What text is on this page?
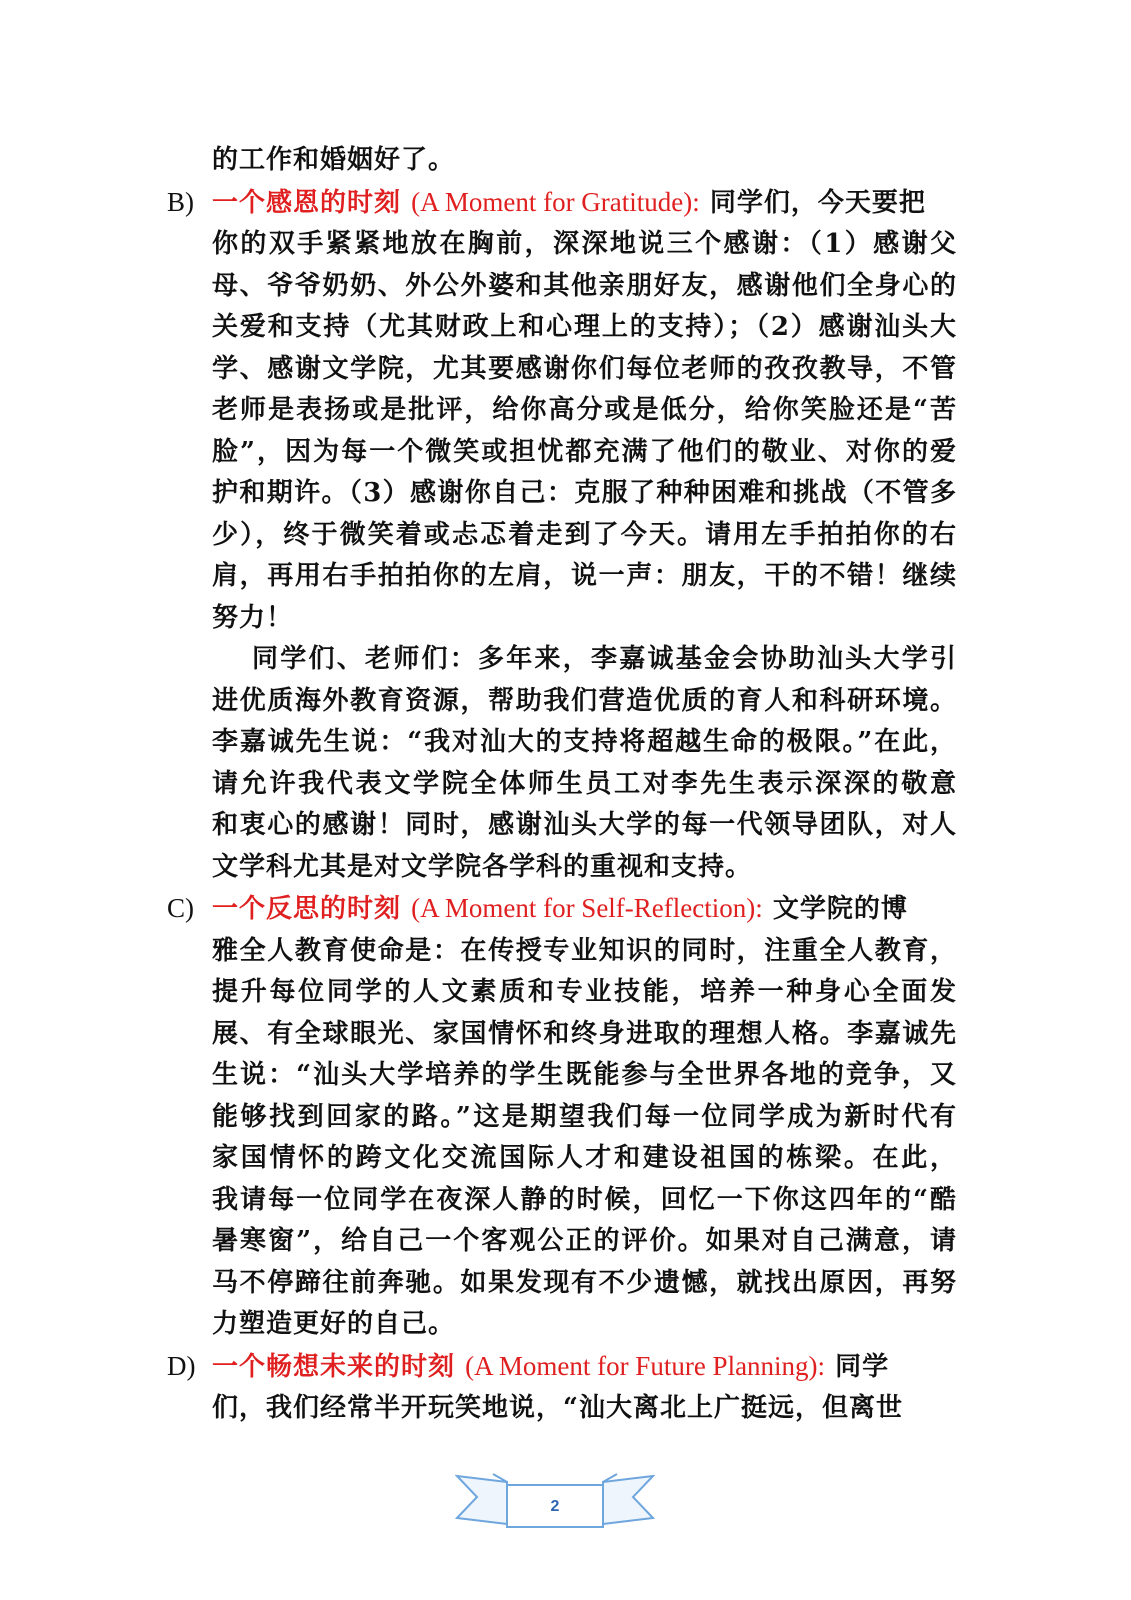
的工作和婚姻好了。
B) 一个感恩的时刻 (A Moment for Gratitude): 同学们，今天要把
你的双手紧紧地放在胸前，深深地说三个感谢：（1）感谢父
母、爷爷奶奶、外公外婆和其他亲朋好友，感谢他们全身心的
关爱和支持（尤其财政上和心理上的支持）；（2）感谢汕头大
学、感谢文学院，尤其要感谢你们每位老师的孜孜教导，不管
老师是表扬或是批评，给你高分或是低分，给你笑脸还是“苦
脸”，因为每一个微笑或担忧都充满了他们的敬业、对你的爱
护和期许。（3）感谢你自己：克服了种种困难和挑战（不管多
少），终于微笑着或忐忑着走到了今天。请用左手拍拍你的右
肩，再用右手拍拍你的左肩，说一声：朋友，干的不错！继续
努力！
同学们、老师们：多年来，李嘉诚基金会协助汕头大学引
进优质海外教育资源，帮助我们营造优质的育人和科研环境。
李嘉诚先生说：“我对汕大的支持将超越生命的极限。”在此，
请允许我代表文学院全体师生员工对李先生表示深深的敬意
和衷心的感谢！同时，感谢汕头大学的每一代领导团队，对人
文学科尤其是对文学院各学科的重视和支持。
C) 一个反思的时刻 (A Moment for Self-Reflection): 文学院的博
雅全人教育使命是：在传授专业知识的同时，注重全人教育，
提升每位同学的人文素质和专业技能，培养一种身心全面发
展、有全球眼光、家国情怀和终身进取的理想人格。李嘉诚先
生说：“汕头大学培养的学生既能参与全世界各地的竞争，又
能够找到回家的路。”这是期望我们每一位同学成为新时代有
家国情怀的跨文化交流国际人才和建设祖国的栋梁。在此，
我请每一位同学在夜深人静的时候，回忆一下你这四年的“酷
暑寒窗”，给自己一个客观公正的评价。如果对自己满意，请
马不停蹄往前奔驰。如果发现有不少遗憾，就找出原因，再努
力塑造更好的自己。
D) 一个畅想未来的时刻 (A Moment for Future Planning): 同学
们，我们经常半开玩笑地说，“汕大离北上广挺远，但离世
2
